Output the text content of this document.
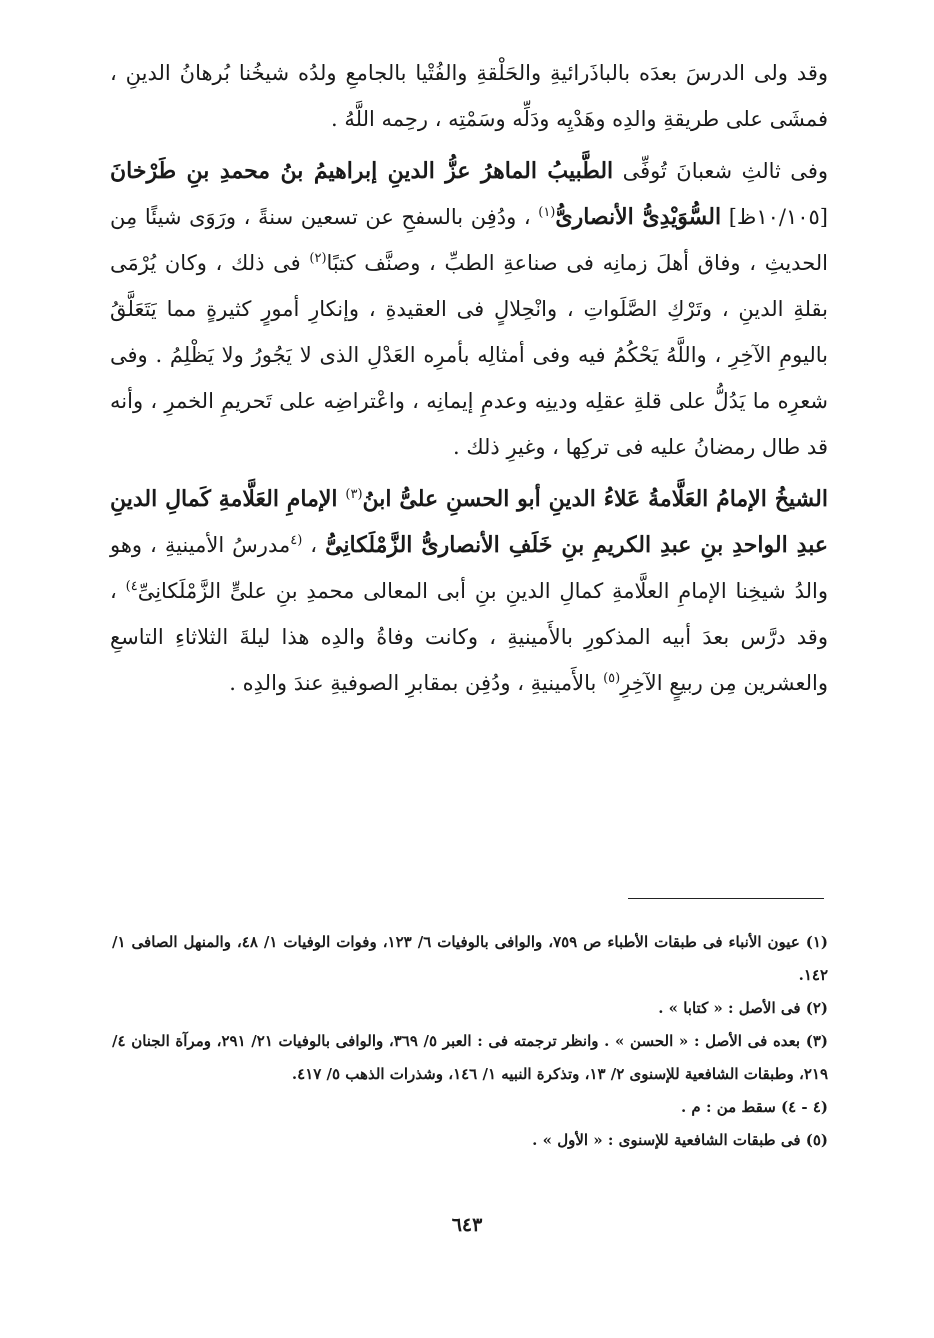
وقد ولى الدرسَ بعدَه بالباذَرائيةِ والحَلْقةِ والفُتْيا بالجامعِ ولدُه شيخُنا بُرهانُ الدينِ ، فمشَى على طريقةِ والدِه وهَدْيِه ودَلِّه وسَمْتِه ، رحِمه اللَّهُ .

وفى ثالثِ شعبانَ تُوفِّى الطَّبيبُ الماهرُ عزُّ الدينِ إبراهيمُ بنُ محمدِ بنِ طَرْخانَ [١٠/١٠٥ظ] السُّوَيْدِىُّ الأنصارىُّ$^{(١)}$ ، ودُفِن بالسفحِ عن تسعين سنةً ، ورَوَى شيئًا مِن الحديثِ ، وفاق أهلَ زمانِه فى صناعةِ الطبِّ ، وصنَّف كتبًا$^{(٢)}$ فى ذلك ، وكان يُرْمَى بقلةِ الدينِ ، وتَرْكِ الصَّلَواتِ ، وانْحِلالٍ فى العقيدةِ ، وإنكارِ أمورٍ كثيرةٍ مما يَتَعَلَّقُ باليومِ الآخِرِ ، واللَّهُ يَحْكُمُ فيه وفى أمثالِه بأمرِه العَدْلِ الذى لا يَجُورُ ولا يَظْلِمُ . وفى شعرِه ما يَدُلُّ على قلةِ عقلِه ودينِه وعدمِ إيمانِه ، واعْتراضِه على تَحريمِ الخمرِ ، وأنه قد طال رمضانُ عليه فى تركِها ، وغيرِ ذلك .

الشيخُ الإمامُ العَلَّامةُ عَلاءُ الدينِ أبو الحسنِ علىُّ ابنُ$^{(٣)}$ الإمامِ العَلَّامةِ كَمالِ الدينِ عبدِ الواحدِ بنِ عبدِ الكريمِ بنِ خَلَفِ الأنصارىُّ الزَّمْلَكانِىُّ ، $^{(٤}$مدرسُ الأمينيةِ ، وهو والدُ شيخِنا الإمامِ العلَّامةِ كمالِ الدينِ بنِ أبى المعالى محمدِ بنِ علىٍّ الزَّمْلَكانِىِّ$^{٤)}$ ، وقد درَّس بعدَ أبيه المذكورِ بالأَمينيةِ ، وكانت وفاةُ والدِه هذا ليلةَ الثلاثاءِ التاسعِ والعشرين مِن ربيعٍ الآخِرِ$^{(٥)}$ بالأَمينيةِ ، ودُفِن بمقابرِ الصوفيةِ عندَ والدِه .

(١) عيون الأنباء فى طبقات الأطباء ص ٧٥٩، والوافى بالوفيات ٦/ ١٢٣، وفوات الوفيات ١/ ٤٨، والمنهل الصافى ١/ ١٤٢.
(٢) فى الأصل : « كتابا » .
(٣) بعده فى الأصل : « الحسن » . وانظر ترجمته فى : العبر ٥/ ٣٦٩، والوافى بالوفيات ٢١/ ٢٩١، ومرآة الجنان ٤/ ٢١٩، وطبقات الشافعية للإسنوى ٢/ ١٣، وتذكرة النبيه ١/ ١٤٦، وشذرات الذهب ٥/ ٤١٧.
(٤ - ٤) سقط من : م .
(٥) فى طبقات الشافعية للإسنوى : « الأول » .
٦٤٣
